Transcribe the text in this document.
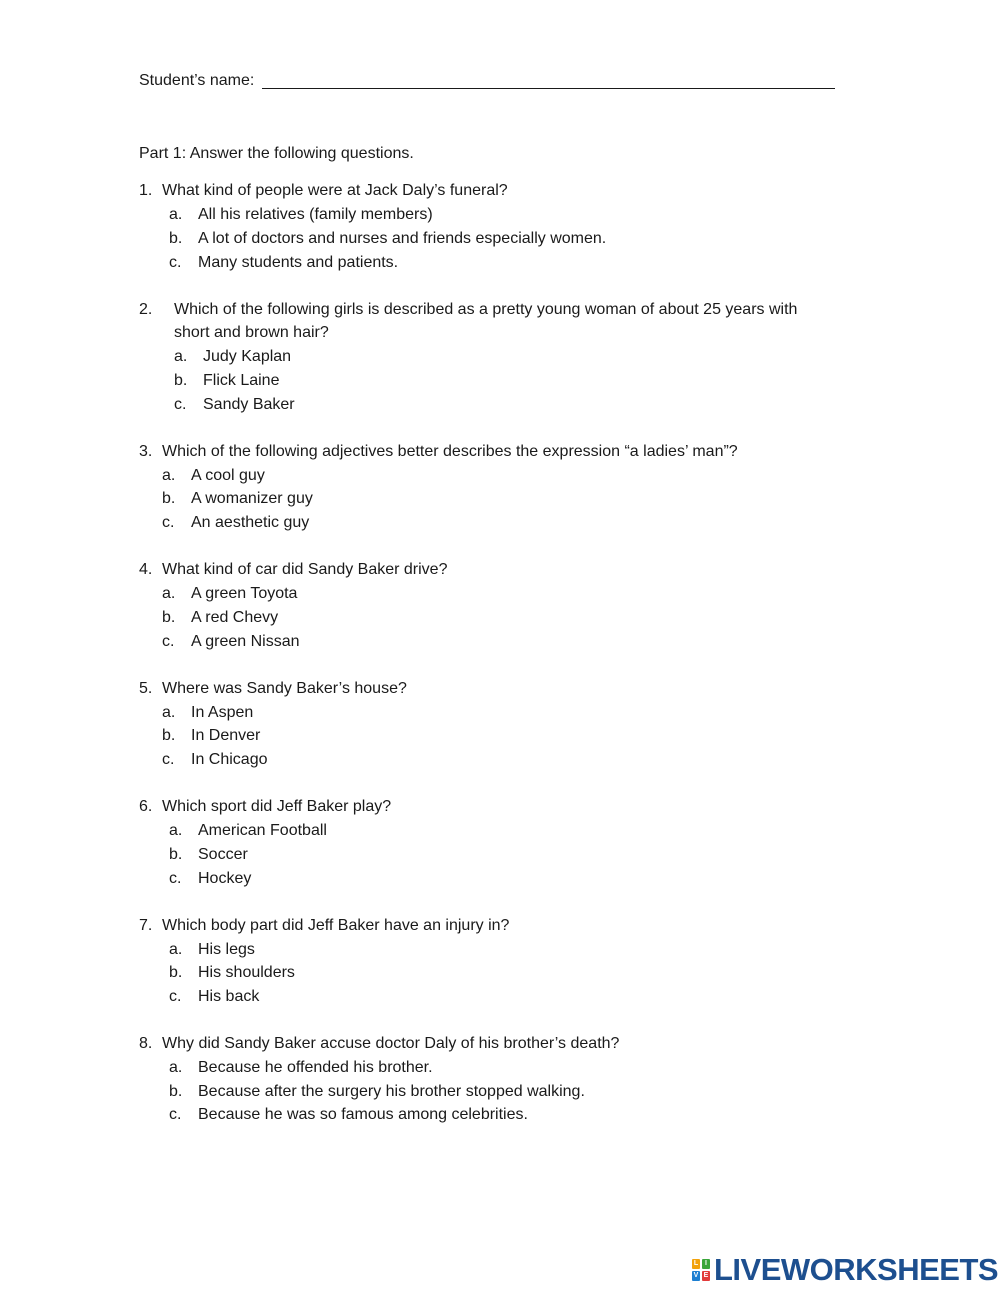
Student’s name:
Part 1: Answer the following questions.
1. What kind of people were at Jack Daly’s funeral?
a. All his relatives (family members)
b. A lot of doctors and nurses and friends especially women.
c. Many students and patients.
2. Which of the following girls is described as a pretty young woman of about 25 years with
short and brown hair?
a. Judy Kaplan
b. Flick Laine
c. Sandy Baker
3. Which of the following adjectives better describes the expression “a ladies’ man”?
a. A cool guy
b. A womanizer guy
c. An aesthetic guy
4. What kind of car did Sandy Baker drive?
a. A green Toyota
b. A red Chevy
c. A green Nissan
5. Where was Sandy Baker’s house?
a. In Aspen
b. In Denver
c. In Chicago
6. Which sport did Jeff Baker play?
a. American Football
b. Soccer
c. Hockey
7. Which body part did Jeff Baker have an injury in?
a. His legs
b. His shoulders
c. His back
8. Why did Sandy Baker accuse doctor Daly of his brother’s death?
a. Because he offended his brother.
b. Because after the surgery his brother stopped walking.
c. Because he was so famous among celebrities.
L I
V E LIVEWORKSHEETS
